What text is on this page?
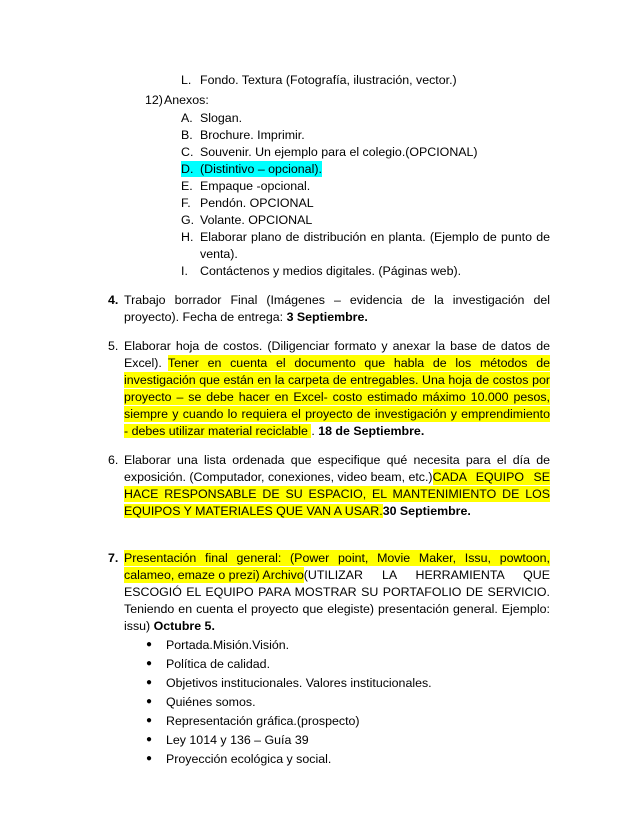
L. Fondo. Textura (Fotografía, ilustración, vector.)
12) Anexos:
A. Slogan.
B. Brochure. Imprimir.
C. Souvenir. Un ejemplo para el colegio.(OPCIONAL)
D. (Distintivo – opcional).
E. Empaque -opcional.
F. Pendón. OPCIONAL
G. Volante. OPCIONAL
H. Elaborar plano de distribución en planta. (Ejemplo de punto de
venta).
I. Contáctenos y medios digitales. (Páginas web).
4. Trabajo borrador Final (Imágenes – evidencia de la investigación del
proyecto). Fecha de entrega: 3 Septiembre.
5. Elaborar hoja de costos. (Diligenciar formato y anexar la base de datos de
Excel). Tener en cuenta el documento que habla de los métodos de
investigación que están en la carpeta de entregables. Una hoja de costos por
proyecto – se debe hacer en Excel- costo estimado máximo 10.000 pesos,
siempre y cuando lo requiera el proyecto de investigación y emprendimiento
- debes utilizar material reciclable . 18 de Septiembre.
6. Elaborar una lista ordenada que especifique qué necesita para el día de
exposición. (Computador, conexiones, video beam, etc.) CADA EQUIPO SE
HACE RESPONSABLE DE SU ESPACIO, EL MANTENIMIENTO DE LOS
EQUIPOS Y MATERIALES QUE VAN A USAR.30 Septiembre.
7. Presentación final general: (Power point, Movie Maker, Issu, powtoon,
calameo, emaze o prezi) Archivo (UTILIZAR LA HERRAMIENTA QUE
ESCOGIÓ EL EQUIPO PARA MOSTRAR SU PORTAFOLIO DE SERVICIO.
Teniendo en cuenta el proyecto que elegiste) presentación general. Ejemplo:
issu) Octubre 5.
● Portada.Misión.Visión.
● Política de calidad.
● Objetivos institucionales. Valores institucionales.
● Quiénes somos.
● Representación gráfica.(prospecto)
● Ley 1014 y 136 – Guía 39
● Proyección ecológica y social.
